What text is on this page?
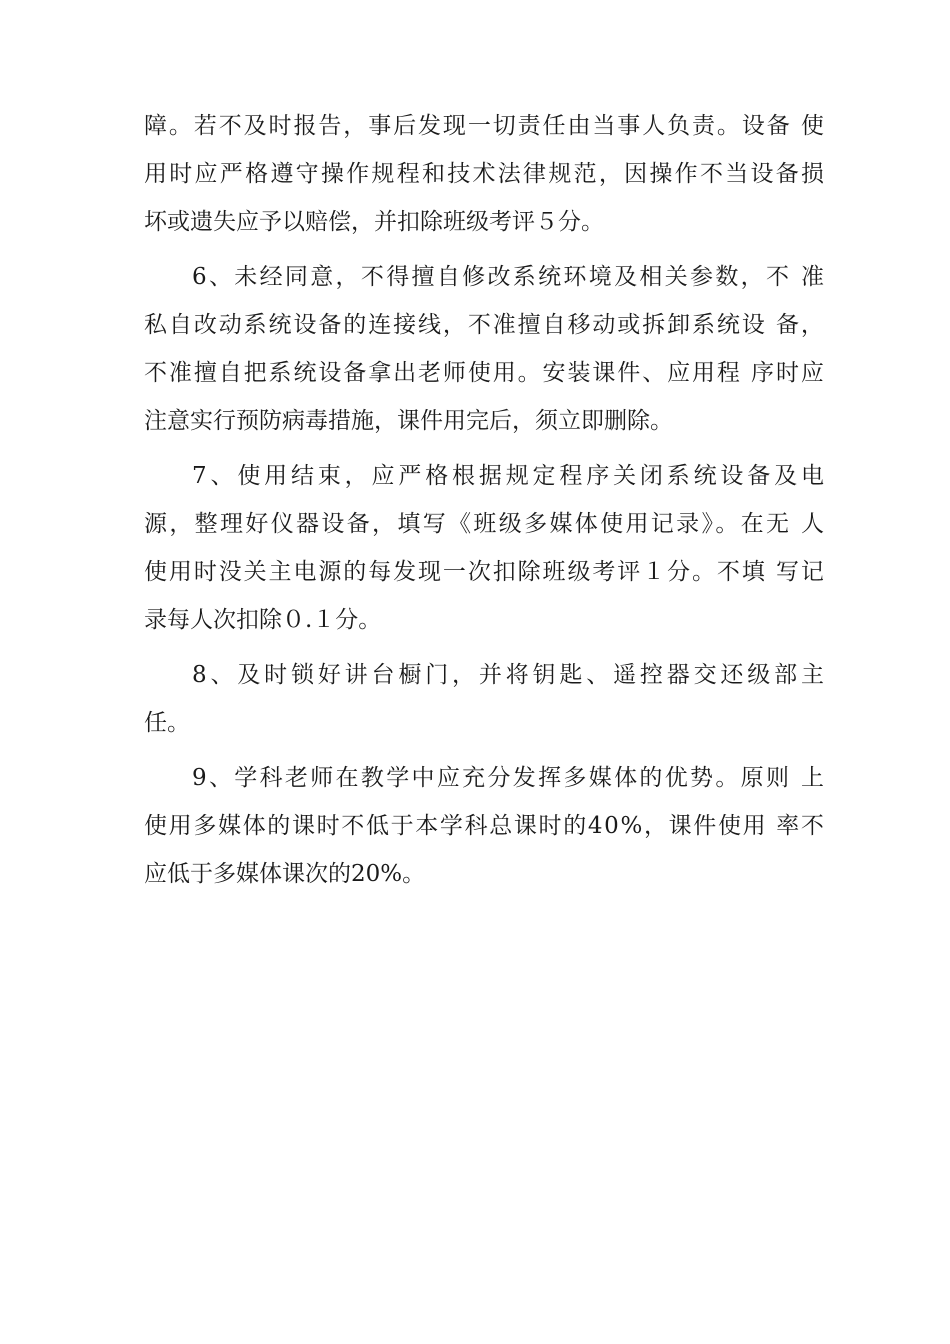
障。若不及时报告，事后发现一切责任由当事人负责。设备 使
用时应严格遵守操作规程和技术法律规范，因操作不当设备损
坏或遗失应予以赔偿，并扣除班级考评５分。
6、未经同意，不得擅自修改系统环境及相关参数，不 准
私自改动系统设备的连接线，不准擅自移动或拆卸系统设 备，
不准擅自把系统设备拿出老师使用。安装课件、应用程 序时应
注意实行预防病毒措施，课件用完后，须立即删除。
7、使用结束，应严格根据规定程序关闭系统设备及电
源，整理好仪器设备，填写《班级多媒体使用记录》。在无 人
使用时没关主电源的每发现一次扣除班级考评１分。不填 写记
录每人次扣除０.１分。
8、及时锁好讲台橱门，并将钥匙、遥控器交还级部主
任。
9、学科老师在教学中应充分发挥多媒体的优势。原则 上
使用多媒体的课时不低于本学科总课时的40%，课件使用 率不
应低于多媒体课次的20%。
